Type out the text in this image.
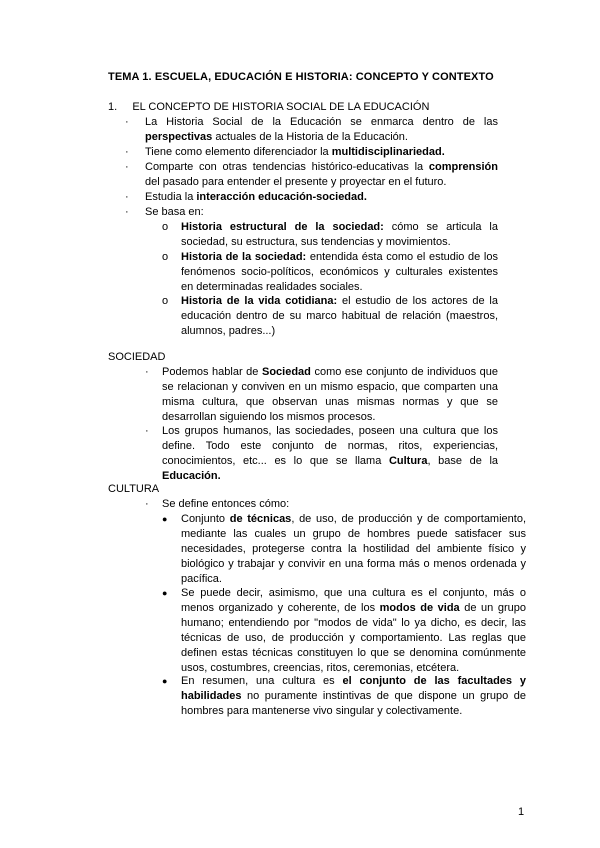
TEMA 1. ESCUELA, EDUCACIÓN E HISTORIA: CONCEPTO Y CONTEXTO
1. EL CONCEPTO DE HISTORIA SOCIAL DE LA EDUCACIÓN
· La Historia Social de la Educación se enmarca dentro de las perspectivas actuales de la Historia de la Educación.
· Tiene como elemento diferenciador la multidisciplinariedad.
· Comparte con otras tendencias histórico-educativas la comprensión del pasado para entender el presente y proyectar en el futuro.
· Estudia la interacción educación-sociedad.
· Se basa en:
o Historia estructural de la sociedad: cómo se articula la sociedad, su estructura, sus tendencias y movimientos.
o Historia de la sociedad: entendida ésta como el estudio de los fenómenos socio-políticos, económicos y culturales existentes en determinadas realidades sociales.
o Historia de la vida cotidiana: el estudio de los actores de la educación dentro de su marco habitual de relación (maestros, alumnos, padres...)
SOCIEDAD
· Podemos hablar de Sociedad como ese conjunto de individuos que se relacionan y conviven en un mismo espacio, que comparten una misma cultura, que observan unas mismas normas y que se desarrollan siguiendo los mismos procesos.
· Los grupos humanos, las sociedades, poseen una cultura que los define. Todo este conjunto de normas, ritos, experiencias, conocimientos, etc... es lo que se llama Cultura, base de la Educación.
CULTURA
· Se define entonces cómo:
● Conjunto de técnicas, de uso, de producción y de comportamiento, mediante las cuales un grupo de hombres puede satisfacer sus necesidades, protegerse contra la hostilidad del ambiente físico y biológico y trabajar y convivir en una forma más o menos ordenada y pacífica.
● Se puede decir, asimismo, que una cultura es el conjunto, más o menos organizado y coherente, de los modos de vida de un grupo humano; entendiendo por "modos de vida" lo ya dicho, es decir, las técnicas de uso, de producción y comportamiento. Las reglas que definen estas técnicas constituyen lo que se denomina comúnmente usos, costumbres, creencias, ritos, ceremonias, etcétera.
● En resumen, una cultura es el conjunto de las facultades y habilidades no puramente instintivas de que dispone un grupo de hombres para mantenerse vivo singular y colectivamente.
1
